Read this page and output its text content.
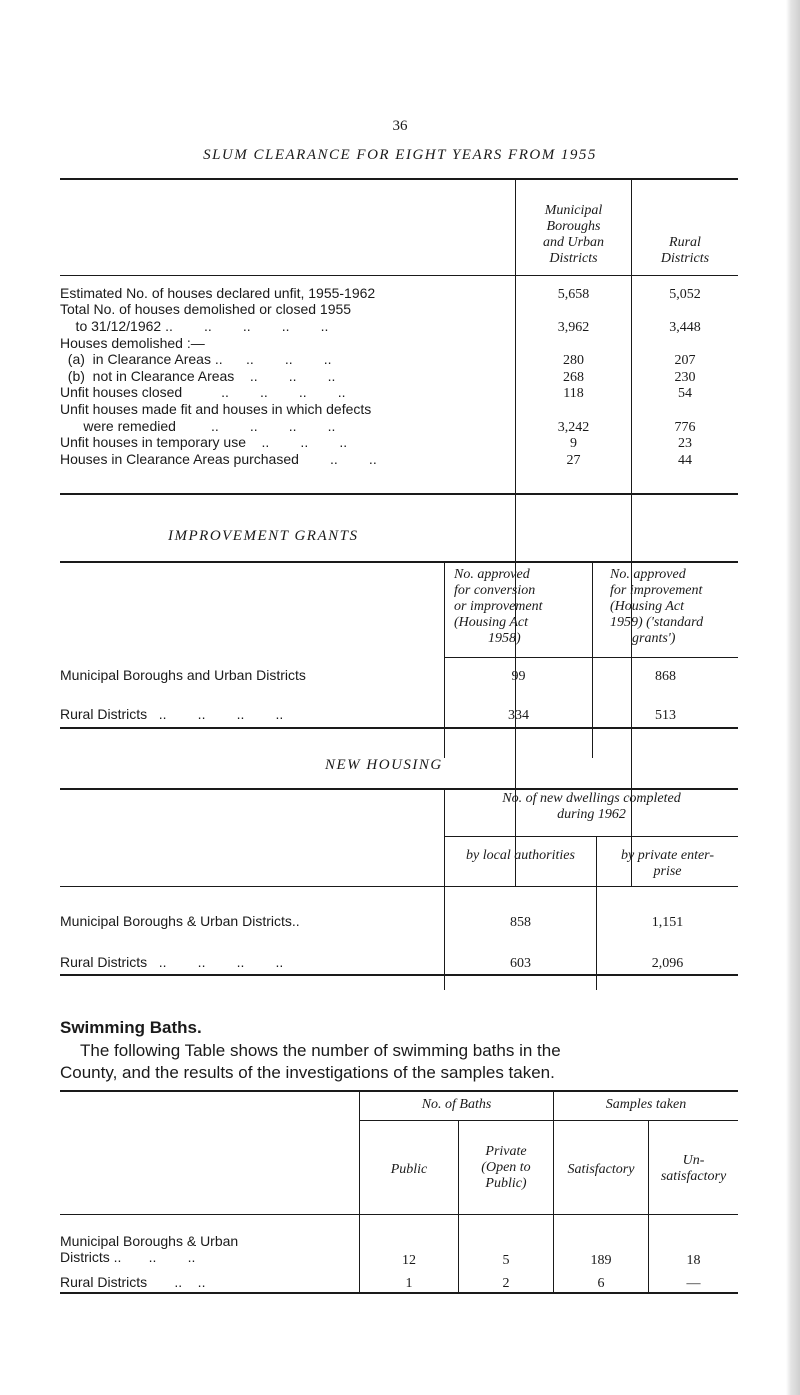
36
SLUM CLEARANCE FOR EIGHT YEARS FROM 1955
Municipal
Boroughs
and Urban
Districts
Rural
Districts
Estimated No. of houses declared unfit, 1955-1962	5,658	5,052
Total No. of houses demolished or closed 1955
to 31/12/1962 ..        ..        ..        ..        ..	3,962	3,448
Houses demolished :—
(a)  in Clearance Areas ..      ..        ..        ..	280	207
(b)  not in Clearance Areas    ..        ..        ..	268	230
Unfit houses closed          ..        ..        ..        ..	118	54
Unfit houses made fit and houses in which defects
were remedied         ..        ..        ..        ..	3,242	776
Unfit houses in temporary use    ..        ..        ..	9	23
Houses in Clearance Areas purchased        ..        ..	27	44
IMPROVEMENT GRANTS
No. approved
for conversion
or improvement
(Housing Act
1958)
No. approved
for improvement
(Housing Act
1959) ('standard
grants')
Municipal Boroughs and Urban Districts	99	868
Rural Districts   ..        ..        ..        ..	334	513
NEW HOUSING
No. of new dwellings completed
during 1962
by local authorities	by private enter-
prise
Municipal Boroughs & Urban Districts..	858	1,151
Rural Districts   ..        ..        ..        ..	603	2,096
Swimming Baths.
The following Table shows the number of swimming baths in the
County, and the results of the investigations of the samples taken.
No. of Baths	Samples taken
Public
Private
(Open to
Public)
Satisfactory
Un-
satisfactory
Municipal Boroughs & Urban
Districts ..       ..        ..	12	5	189	18
Rural Districts       ..    ..	1	2	6	—
